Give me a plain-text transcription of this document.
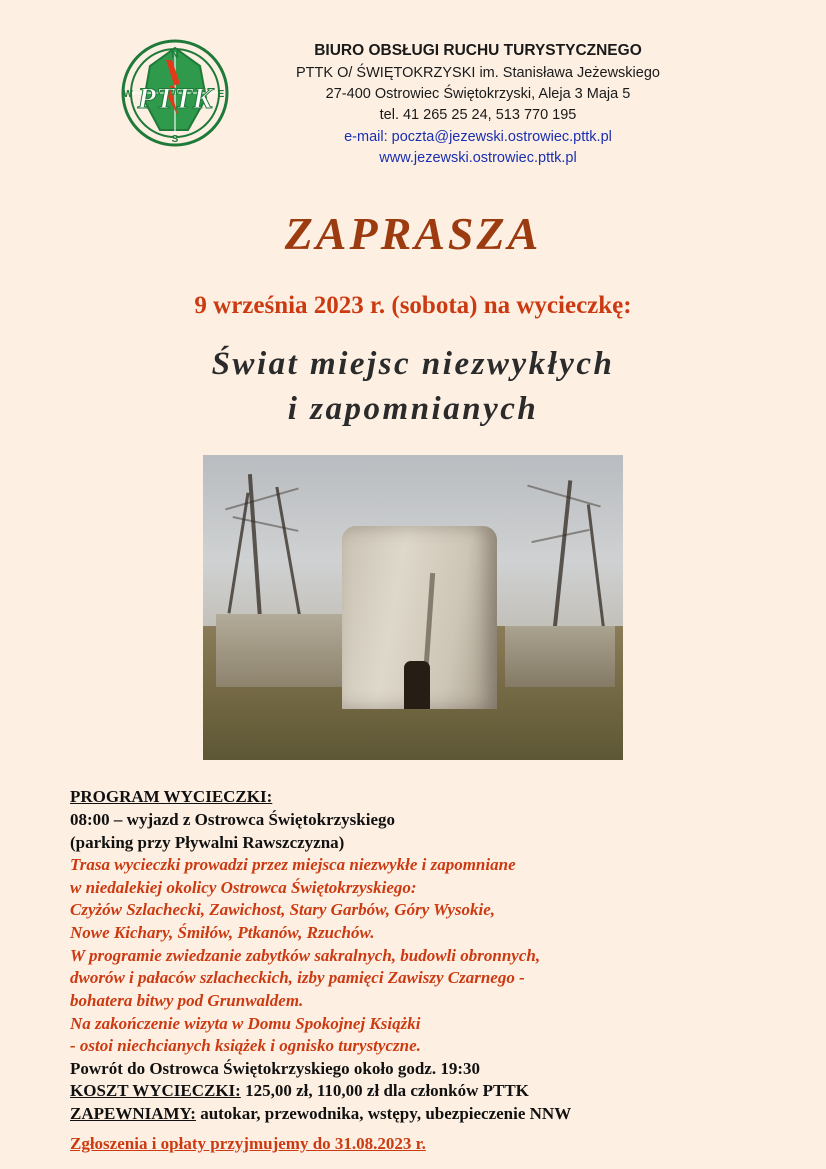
N
S
W	E
PTTK
BIURO OBSŁUGI RUCHU TURYSTYCZNEGO
PTTK O/ ŚWIĘTOKRZYSKI im. Stanisława Jeżewskiego
27-400 Ostrowiec Świętokrzyski, Aleja 3 Maja 5
tel. 41 265 25 24, 513 770 195
e-mail: poczta@jezewski.ostrowiec.pttk.pl
www.jezewski.ostrowiec.pttk.pl
ZAPRASZA
9 września 2023 r. (sobota) na wycieczkę:
Świat miejsc niezwykłych
i zapomnianych
PROGRAM WYCIECZKI:
08:00 – wyjazd z Ostrowca Świętokrzyskiego
(parking przy Pływalni Rawszczyzna)
Trasa wycieczki prowadzi przez miejsca niezwykłe i zapomniane
w niedalekiej okolicy Ostrowca Świętokrzyskiego:
Czyżów Szlachecki, Zawichost, Stary Garbów, Góry Wysokie,
Nowe Kichary, Śmiłów, Ptkanów, Rzuchów.
W programie zwiedzanie zabytków sakralnych, budowli obronnych,
dworów i pałaców szlacheckich, izby pamięci Zawiszy Czarnego -
bohatera bitwy pod Grunwaldem.
Na zakończenie wizyta w Domu Spokojnej Książki
- ostoi niechcianych książek i ognisko turystyczne.
Powrót do Ostrowca Świętokrzyskiego około godz. 19:30
KOSZT WYCIECZKI: 125,00 zł, 110,00 zł dla członków PTTK
ZAPEWNIAMY: autokar, przewodnika, wstępy, ubezpieczenie NNW
Zgłoszenia i opłaty przyjmujemy do 31.08.2023 r.
